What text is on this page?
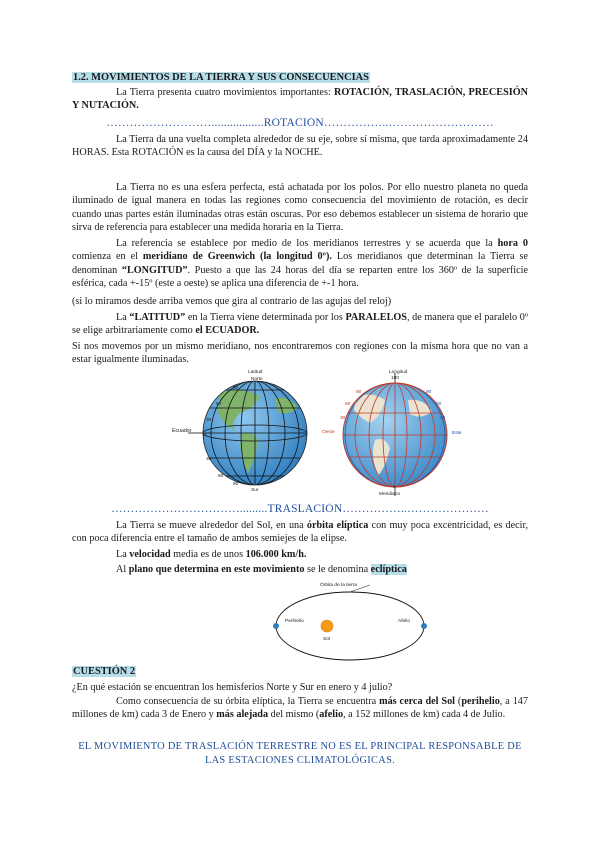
1.2. MOVIMIENTOS DE LA TIERRA Y SUS CONSECUENCIAS
La Tierra presenta cuatro movimientos importantes: ROTACIÓN, TRASLACIÓN, PRECESIÓN Y NUTACIÓN.
……………………….................ROTACIÓN……………..………………………
La Tierra da una vuelta completa alrededor de su eje, sobre sí misma, que tarda aproximadamente 24 HORAS. Esta ROTACIÓN es la causa del DÍA y la NOCHE.
La Tierra no es una esfera perfecta, está achatada por los polos. Por ello nuestro planeta no queda iluminado de igual manera en todas las regiones como consecuencia del movimiento de rotación, es decir cuando unas partes están iluminadas otras están oscuras. Por eso debemos establecer un sistema de horario que sirva de referencia para establecer una medida horaria en la Tierra.
La referencia se establece por medio de los meridianos terrestres y se acuerda que la hora 0 comienza en el meridiano de Greenwich (la longitud 0º). Los meridianos que determinan la Tierra se denominan “LONGITUD”. Puesto a que las 24 horas del día se reparten entre los 360º de la superficie esférica, cada +-15º (este a oeste) se aplica una diferencia de +-1 hora.
(si lo miramos desde arriba vemos que gira al contrario de las agujas del reloj)
La “LATITUD” en la Tierra viene determinada por los PARALELOS, de manera que el paralelo 0º se elige arbitrariamente como el ECUADOR.
Si nos movemos por un mismo meridiano, nos encontraremos con regiones con la misma hora que no van a estar igualmente iluminadas.
Latitud
Norte
Sur
Ecuador
90
60
30
0
30
60
90
Longitud
180
Oeste	Este
Meridiano
0
90
60
30	30
60
90
…………………………….........TRASLACIÓN……………..…………………
La Tierra se mueve alrededor del Sol, en una órbita elíptica con muy poca excentricidad, es decir, con poca diferencia entre el tamaño de ambos semiejes de la elipse.
La velocidad media es de unos 106.000 km/h.
Al plano que determina en este movimiento se le denomina eclíptica
Órbita de la tierra
Perihelio	Afelio
Sol
CUESTIÓN 2
¿En qué estación se encuentran los hemisferios Norte y Sur en enero y 4 julio?
Como consecuencia de su órbita elíptica, la Tierra se encuentra más cerca del Sol (perihelio, a 147 millones de km) cada 3 de Enero y más alejada del mismo (afelio, a 152 millones de km) cada 4 de Julio.
EL MOVIMIENTO DE TRASLACIÓN TERRESTRE NO ES EL PRINCIPAL RESPONSABLE DE LAS ESTACIONES CLIMATOLÓGICAS.
